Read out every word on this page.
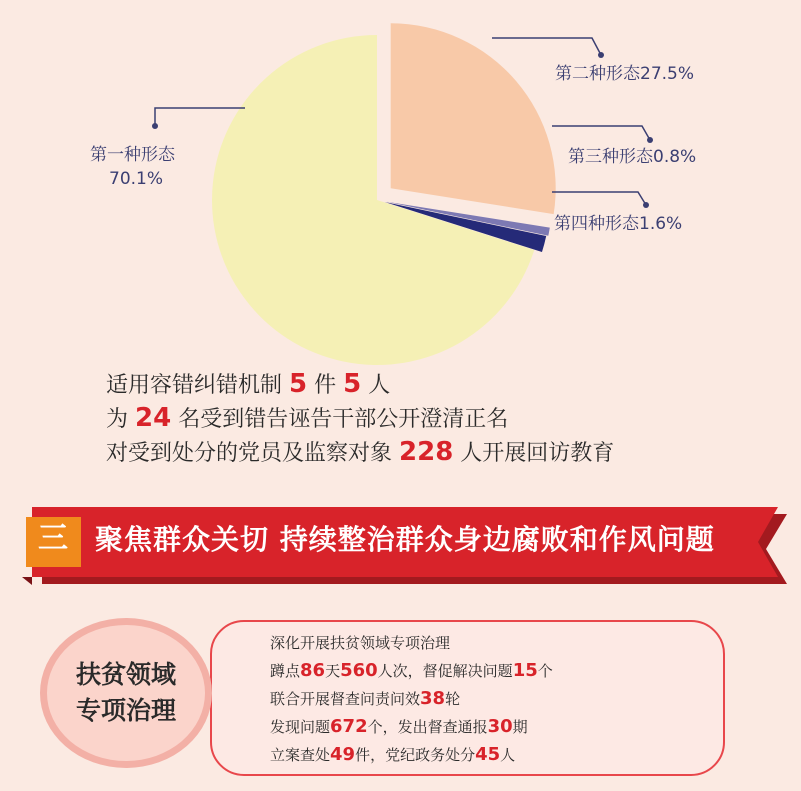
第一种形态
70.1%
第二种形态27.5%
第三种形态0.8%
第四种形态1.6%
适用容错纠错机制 5 件 5 人
为 24 名受到错告诬告干部公开澄清正名
对受到处分的党员及监察对象 228 人开展回访教育
三 聚焦群众关切 持续整治群众身边腐败和作风问题
扶贫领域
专项治理
深化开展扶贫领域专项治理
蹲点86天560人次，督促解决问题15个
联合开展督查问责问效38轮
发现问题672个，发出督查通报30期
立案查处49件，党纪政务处分45人
